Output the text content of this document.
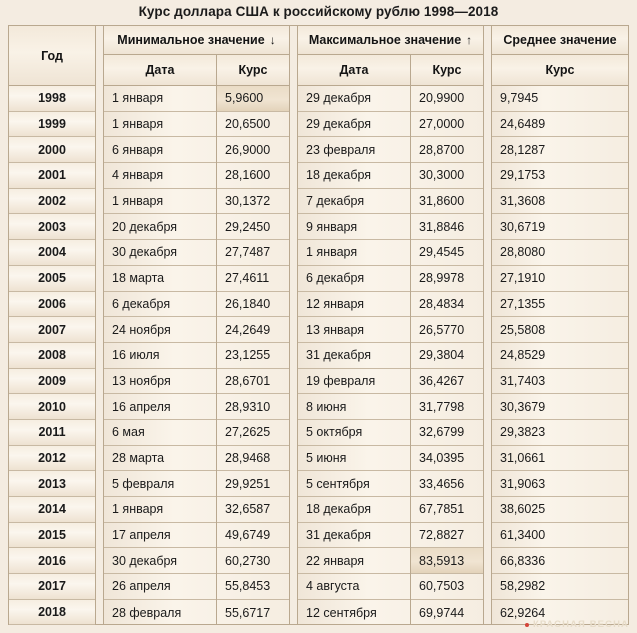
Курс доллара США к российскому рублю 1998—2018
Год
1998
1999
2000
2001
2002
2003
2004
2005
2006
2007
2008
2009
2010
2011
2012
2013
2014
2015
2016
2017
2018
Минимальное значение ↓
Дата	Курс
1 января
1 января
6 января
4 января
1 января
20 декабря
30 декабря
18 марта
6 декабря
24 ноября
16 июля
13 ноября
16 апреля
6 мая
28 марта
5 февраля
1 января
17 апреля
30 декабря
26 апреля
28 февраля
5,9600
20,6500
26,9000
28,1600
30,1372
29,2450
27,7487
27,4611
26,1840
24,2649
23,1255
28,6701
28,9310
27,2625
28,9468
29,9251
32,6587
49,6749
60,2730
55,8453
55,6717
Максимальное значение ↑
Дата	Курс
29 декабря
29 декабря
23 февраля
18 декабря
7 декабря
9 января
1 января
6 декабря
12 января
13 января
31 декабря
19 февраля
8 июня
5 октября
5 июня
5 сентября
18 декабря
31 декабря
22 января
4 августа
12 сентября
20,9900
27,0000
28,8700
30,3000
31,8600
31,8846
29,4545
28,9978
28,4834
26,5770
29,3804
36,4267
31,7798
32,6799
34,0395
33,4656
67,7851
72,8827
83,5913
60,7503
69,9744
Среднее значение
Курс
9,7945
24,6489
28,1287
29,1753
31,3608
30,6719
28,8080
27,1910
27,1355
25,5808
24,8529
31,7403
30,3679
29,3823
31,0661
31,9063
38,6025
61,3400
66,8336
58,2982
62,9264
КРАСНАЯ ВЕСНА
